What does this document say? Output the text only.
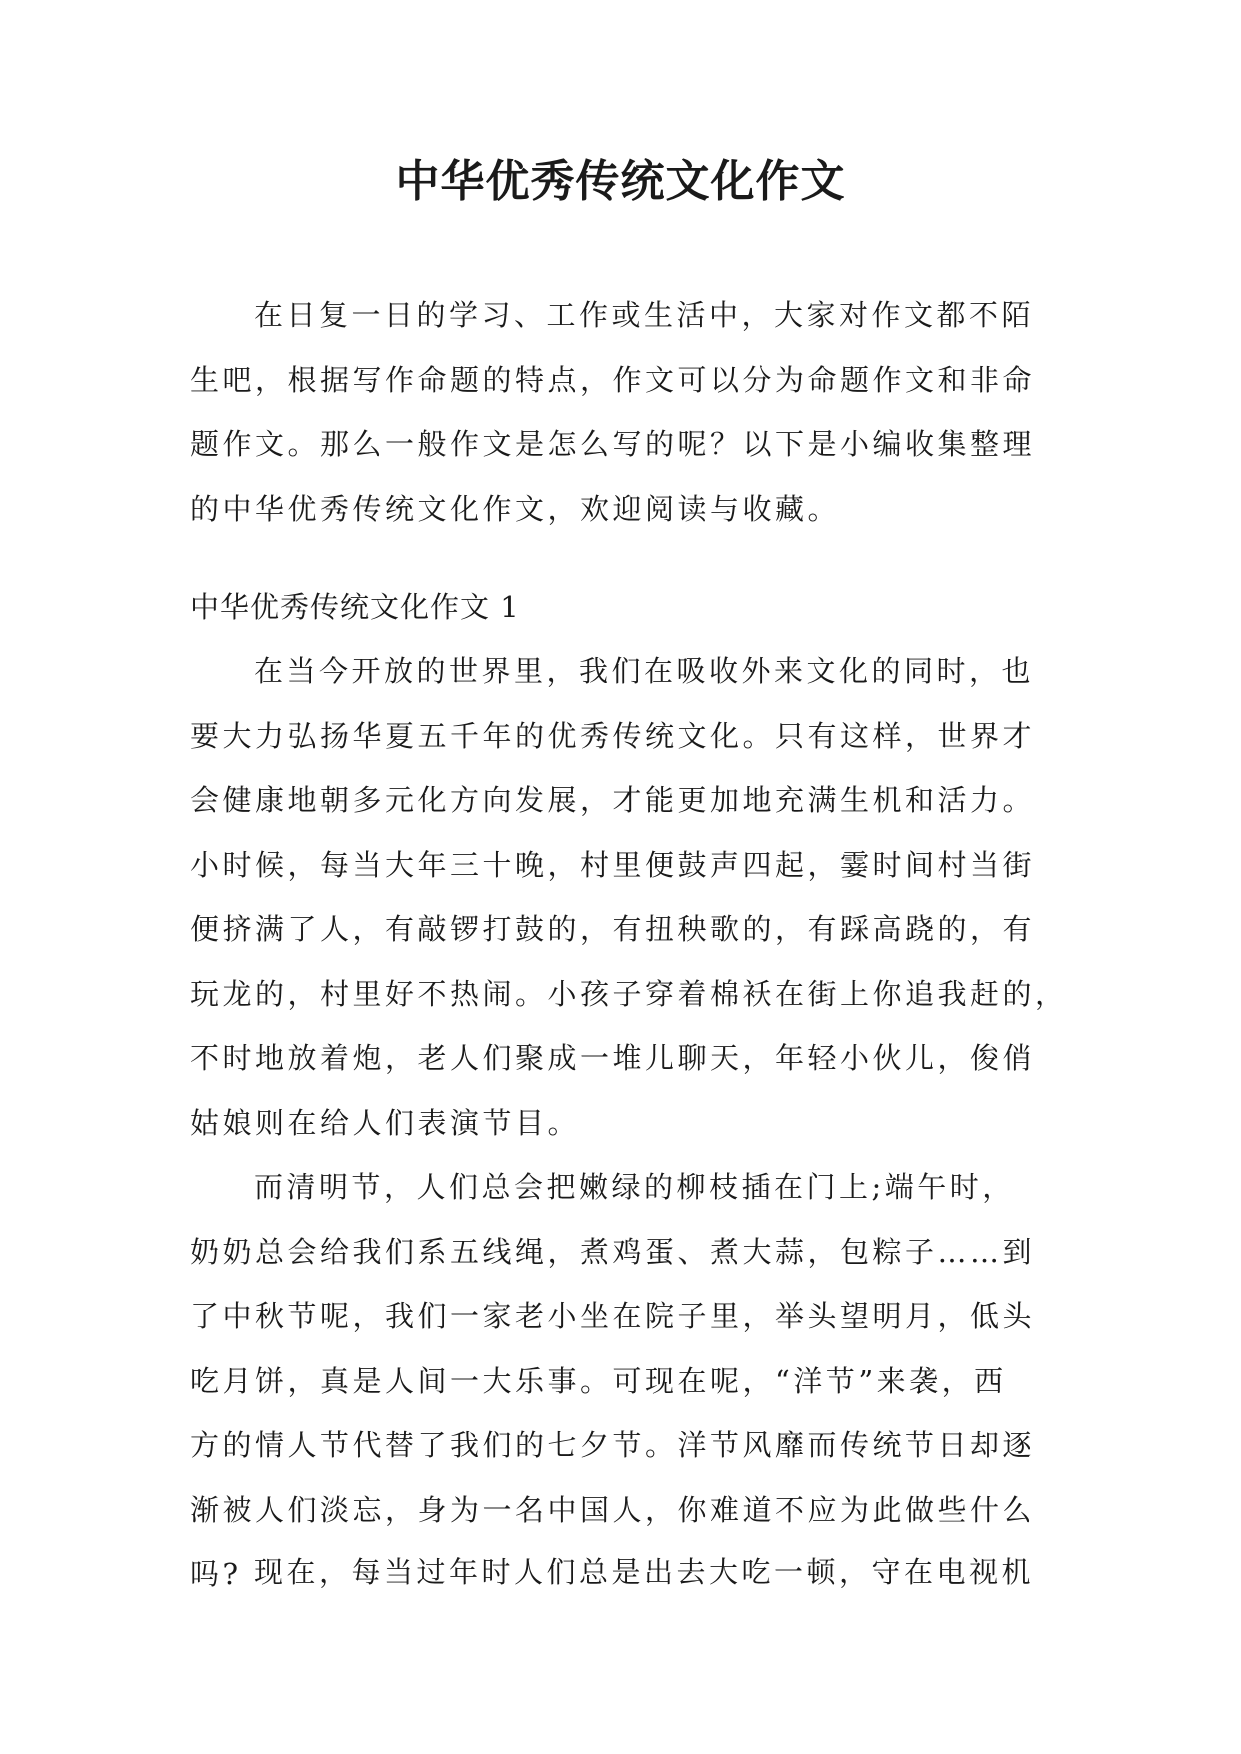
中华优秀传统文化作文
在日复一日的学习、工作或生活中，大家对作文都不陌
生吧，根据写作命题的特点，作文可以分为命题作文和非命
题作文。那么一般作文是怎么写的呢？以下是小编收集整理
的中华优秀传统文化作文，欢迎阅读与收藏。
中华优秀传统文化作文 1
在当今开放的世界里，我们在吸收外来文化的同时，也
要大力弘扬华夏五千年的优秀传统文化。只有这样，世界才
会健康地朝多元化方向发展，才能更加地充满生机和活力。
小时候，每当大年三十晚，村里便鼓声四起，霎时间村当街
便挤满了人，有敲锣打鼓的，有扭秧歌的，有踩高跷的，有
玩龙的，村里好不热闹。小孩子穿着棉袄在街上你追我赶的，
不时地放着炮，老人们聚成一堆儿聊天，年轻小伙儿，俊俏
姑娘则在给人们表演节目。
而清明节，人们总会把嫩绿的柳枝插在门上;端午时，
奶奶总会给我们系五线绳，煮鸡蛋、煮大蒜，包粽子……到
了中秋节呢，我们一家老小坐在院子里，举头望明月，低头
吃月饼，真是人间一大乐事。可现在呢，“洋节”来袭，西
方的情人节代替了我们的七夕节。洋节风靡而传统节日却逐
渐被人们淡忘，身为一名中国人，你难道不应为此做些什么
吗? 现在，每当过年时人们总是出去大吃一顿，守在电视机
